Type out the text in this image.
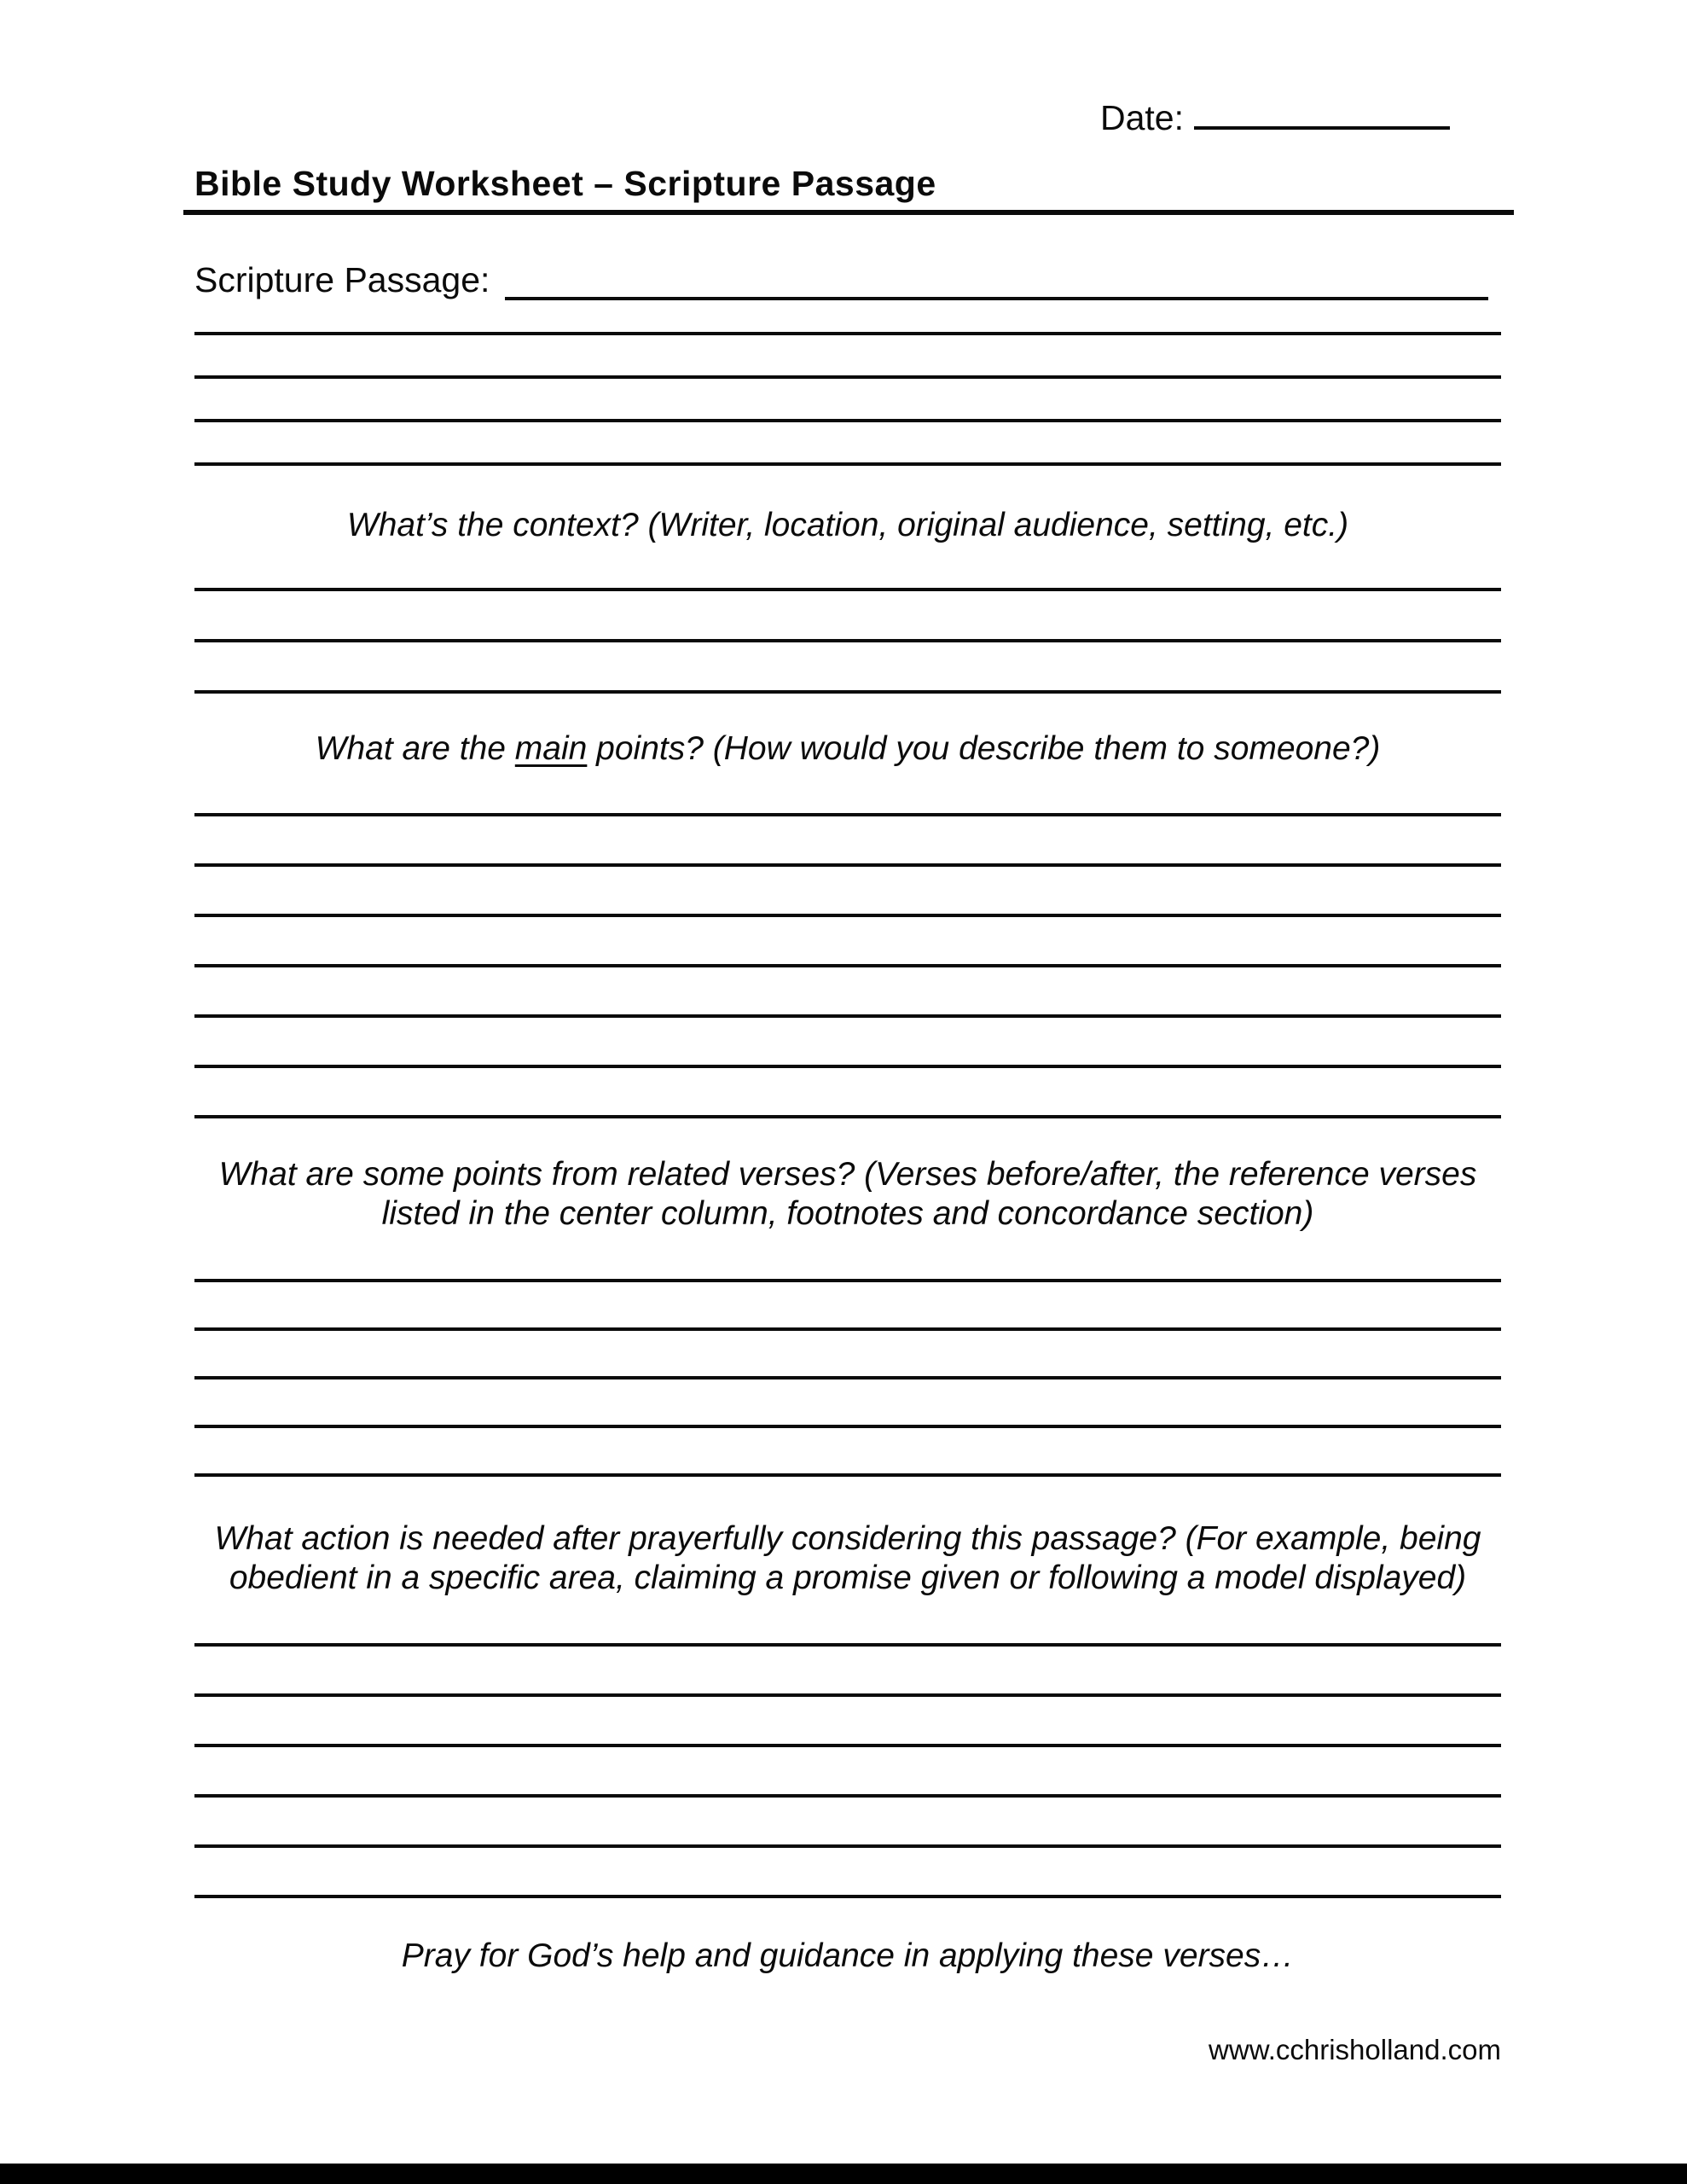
Date:
Bible Study Worksheet – Scripture Passage
Scripture Passage:
What’s the context? (Writer, location, original audience, setting, etc.)
What are the main points? (How would you describe them to someone?)
What are some points from related verses? (Verses before/after, the reference verses
listed in the center column, footnotes and concordance section)
What action is needed after prayerfully considering this passage? (For example, being
obedient in a specific area, claiming a promise given or following a model displayed)

Pray for God’s help and guidance in applying these verses…

www.cchrisholland.com
